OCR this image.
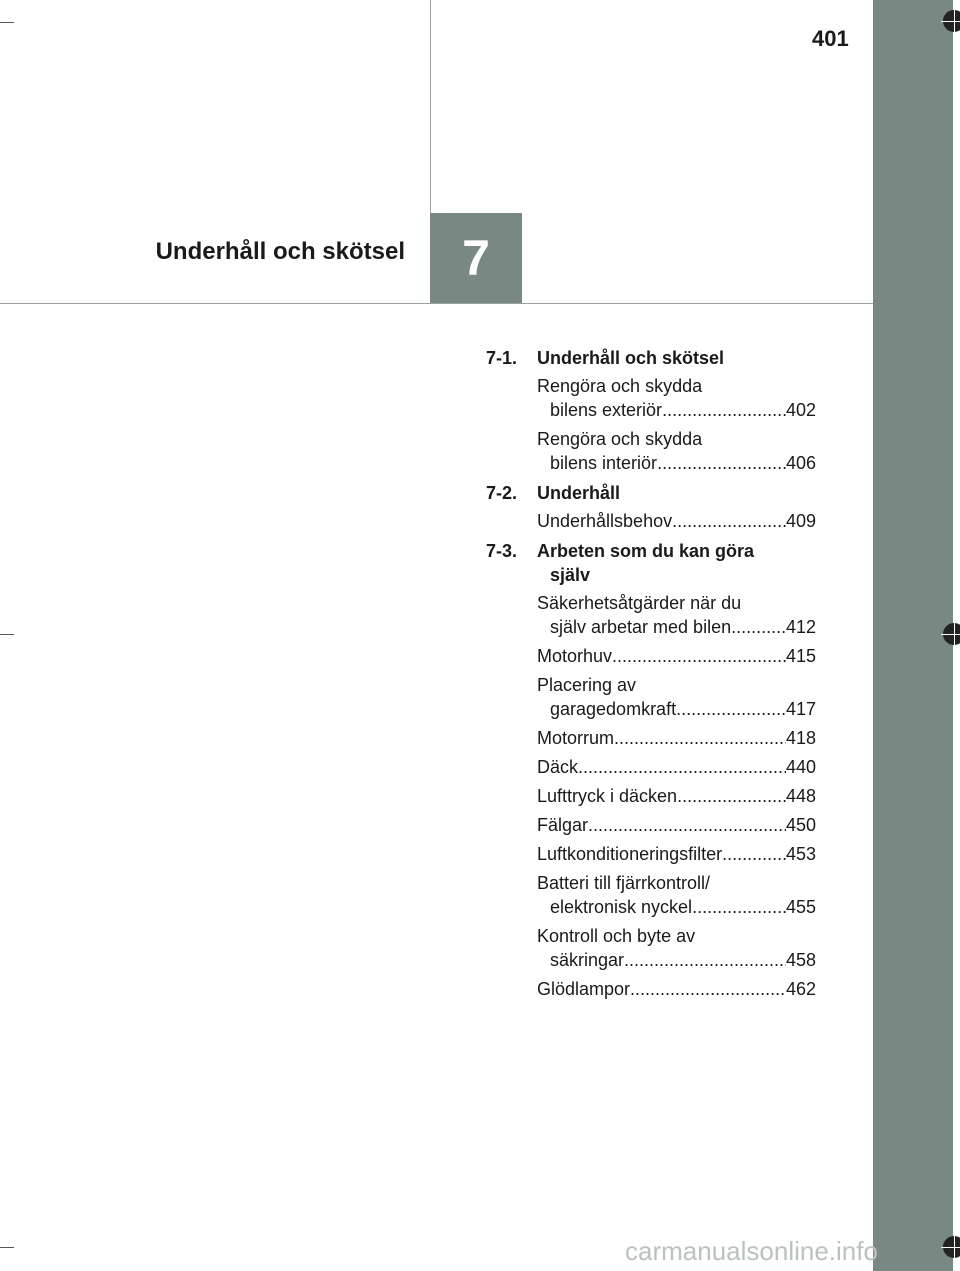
401
Underhåll och skötsel 7
7-1. Underhåll och skötsel
Rengöra och skydda
bilens exteriör .....	402
Rengöra och skydda
bilens interiör .....	406
7-2. Underhåll
Underhållsbehov .....	409
7-3. Arbeten som du kan göra
själv
Säkerhetsåtgärder när du
själv arbetar med bilen .....	412
Motorhuv .....	415
Placering av
garagedomkraft .....	417
Motorrum .....	418
Däck .....	440
Lufttryck i däcken .....	448
Fälgar .....	450
Luftkonditioneringsfilter .....	453
Batteri till fjärrkontroll/
elektronisk nyckel .....	455
Kontroll och byte av
säkringar .....	458
Glödlampor .....	462
carmanualsonline.info
